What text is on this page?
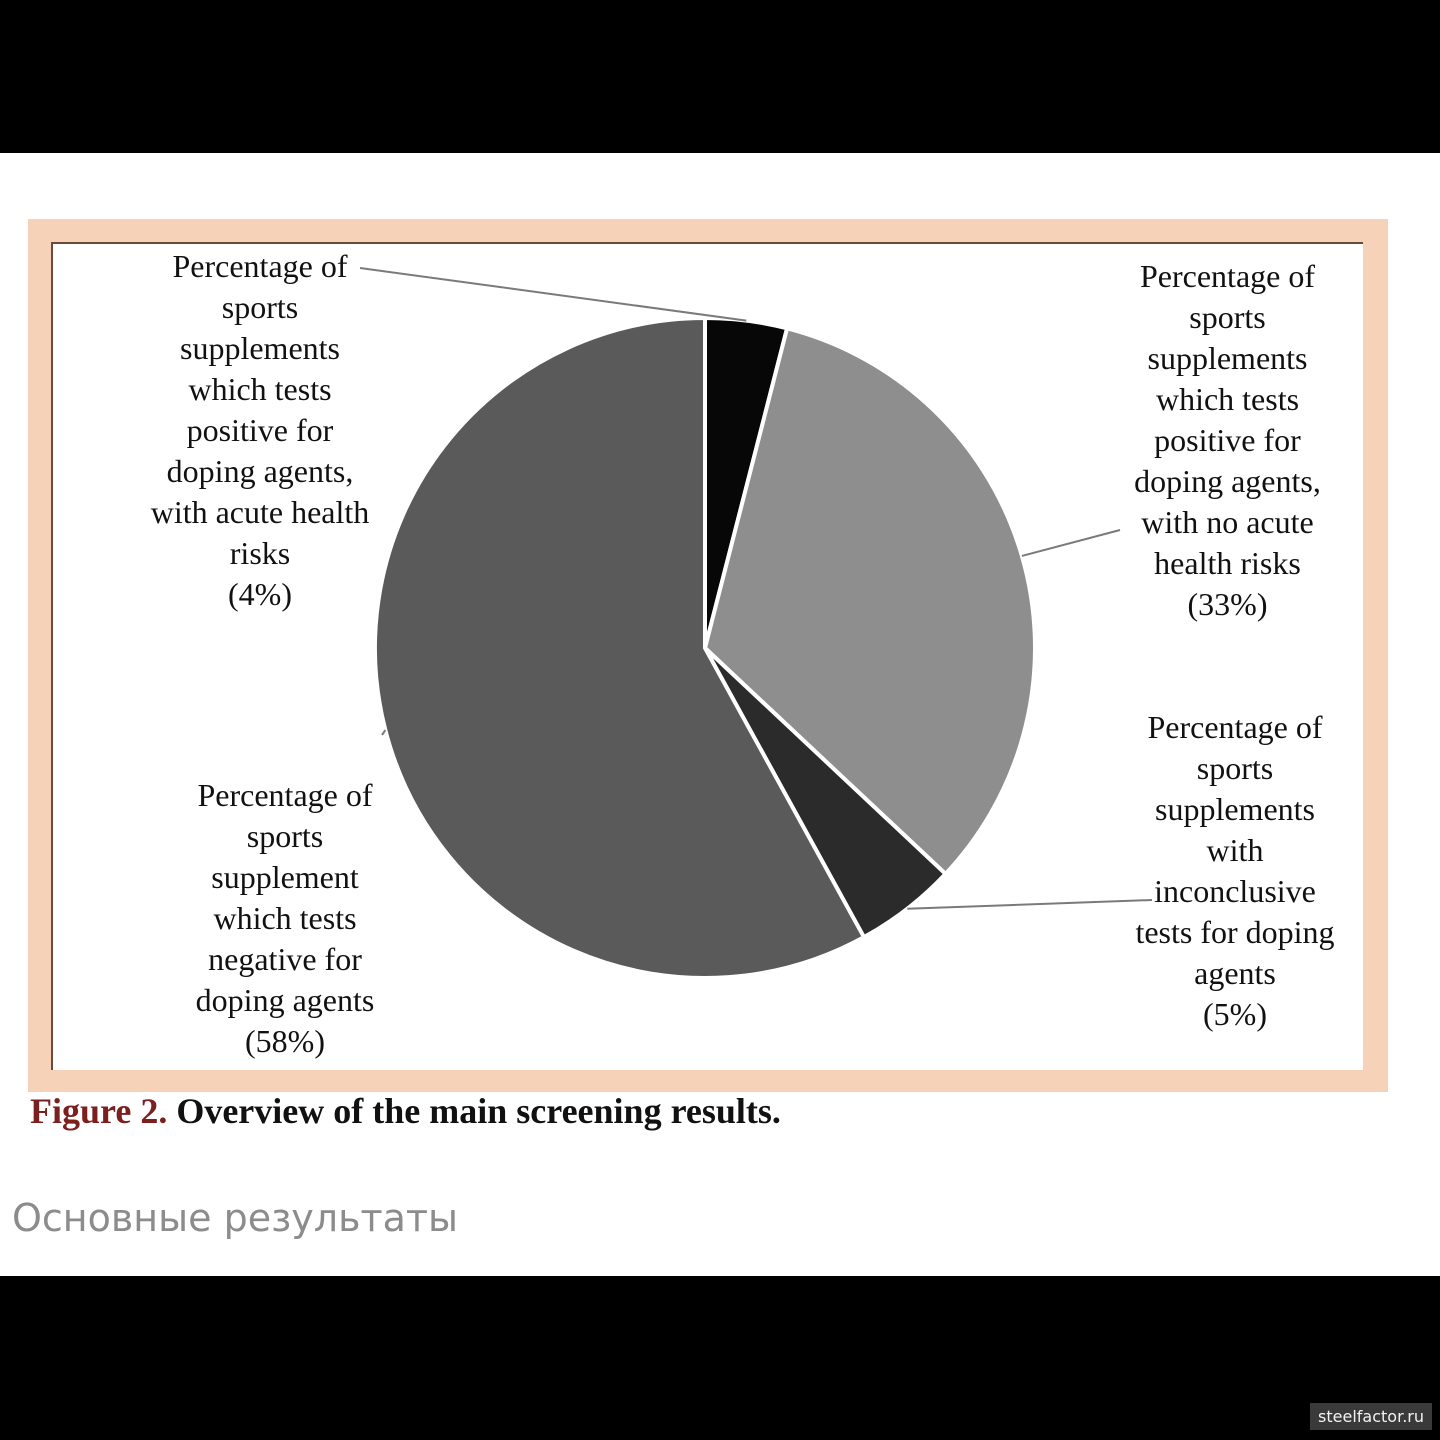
Percentage of
sports
supplements
which tests
positive for
doping agents,
with acute health
risks
(4%)
Percentage of
sports
supplements
which tests
positive for
doping agents,
with no acute
health risks
(33%)
Percentage of
sports
supplements
with
inconclusive
tests for doping
agents
(5%)
Percentage of
sports
supplement
which tests
negative for
doping agents
(58%)
Figure 2. Overview of the main screening results.
Основные результаты
steelfactor.ru
